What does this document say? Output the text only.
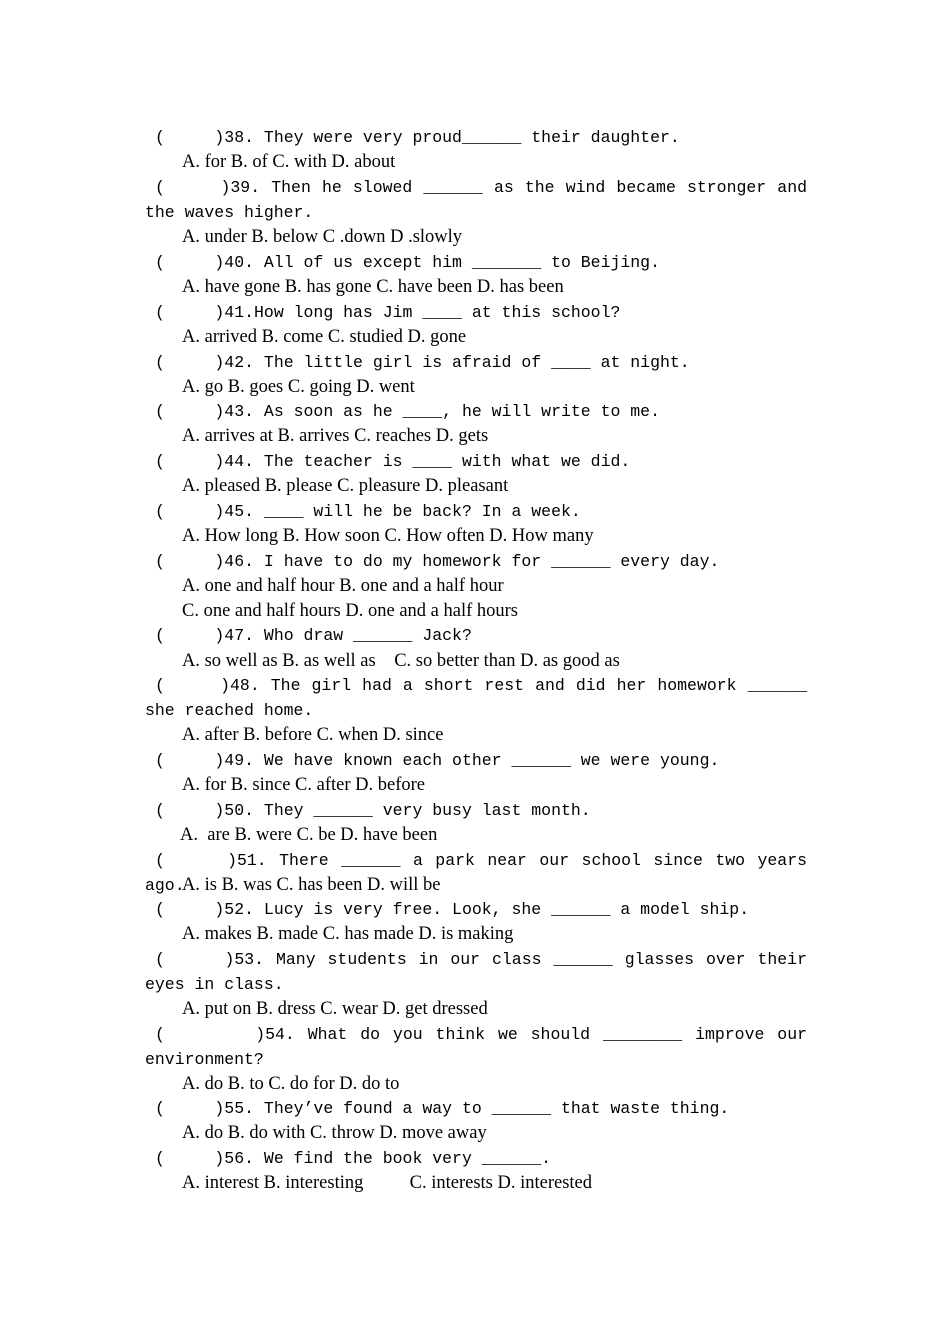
(     )38. They were very proud______ their daughter.
A. for B. of C. with D. about
(     )39. Then he slowed ______ as the wind became stronger and the waves higher.
A. under B. below C .down D .slowly
(     )40. All of us except him _______ to Beijing.
A. have gone B. has gone C. have been D. has been
(     )41.How long has Jim ____ at this school?
A. arrived B. come C. studied D. gone
(     )42. The little girl is afraid of ____ at night.
A. go B. goes C. going D. went
(     )43. As soon as he ____, he will write to me.
A. arrives at B. arrives C. reaches D. gets
(     )44. The teacher is ____ with what we did.
A. pleased B. please C. pleasure D. pleasant
(     )45. ____ will he be back? In a week.
A. How long B. How soon C. How often D. How many
(     )46. I have to do my homework for ______ every day.
A. one and half hour B. one and a half hour
C. one and half hours D. one and a half hours
(     )47. Who draw ______ Jack?
A. so well as B. as well as    C. so better than D. as good as
(     )48. The girl had a short rest and did her homework ______ she reached home.
A. after B. before C. when D. since
(     )49. We have known each other ______ we were young.
A. for B. since C. after D. before
(     )50. They ______ very busy last month.
A.  are B. were C. be D. have been
(     )51. There ______ a park near our school since two years ago.
A. is B. was C. has been D. will be
(     )52. Lucy is very free. Look, she ______ a model ship.
A. makes B. made C. has made D. is making
(     )53. Many students in our class ______ glasses over their eyes in class.
A. put on B. dress C. wear D. get dressed
(       )54. What do you think we should ________ improve our environment?
A. do B. to C. do for D. do to
(     )55. They’ve found a way to ______ that waste thing.
A. do B. do with C. throw D. move away
(     )56. We find the book very ______.
A. interest B. interesting          C. interests D. interested
